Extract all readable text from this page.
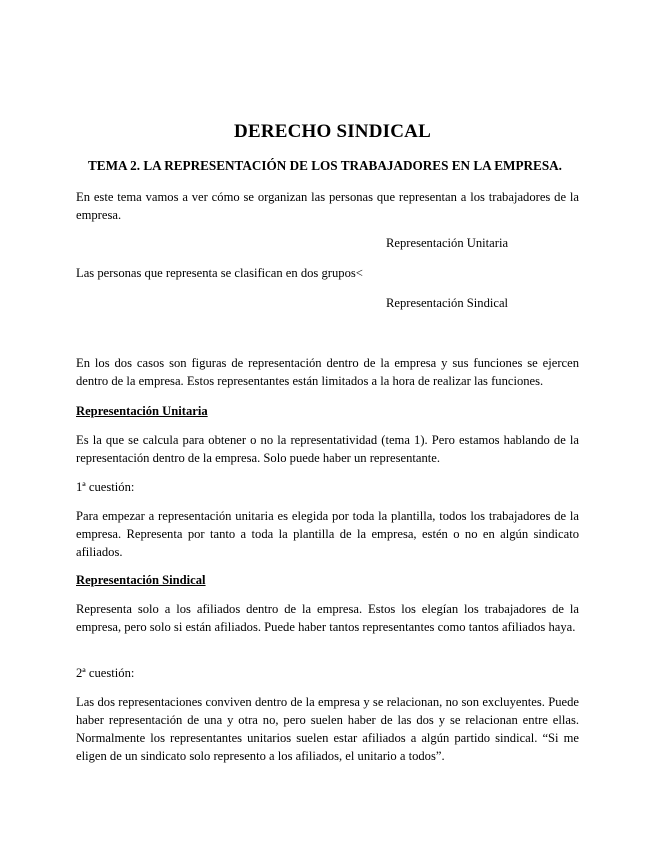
DERECHO SINDICAL
TEMA 2. LA REPRESENTACIÓN DE LOS TRABAJADORES EN LA EMPRESA.

En este tema vamos a ver cómo se organizan las personas que representan a los trabajadores de la empresa.

Representación Unitaria

Las personas que representa se clasifican en dos grupos<

Representación Sindical

En los dos casos son figuras de representación dentro de la empresa y sus funciones se ejercen dentro de la empresa. Estos representantes están limitados a la hora de realizar las funciones.

Representación Unitaria

Es la que se calcula para obtener o no la representatividad (tema 1). Pero estamos hablando de la representación dentro de la empresa. Solo puede haber un representante.

1ª cuestión:

Para empezar a representación unitaria es elegida por toda la plantilla, todos los trabajadores de la empresa. Representa por tanto a toda la plantilla de la empresa, estén o no en algún sindicato afiliados.

Representación Sindical

Representa solo a los afiliados dentro de la empresa. Estos los elegían los trabajadores de la empresa, pero solo si están afiliados. Puede haber tantos representantes como tantos afiliados haya.

2ª cuestión:

Las dos representaciones conviven dentro de la empresa y se relacionan, no son excluyentes. Puede haber representación de una y otra no, pero suelen haber de las dos y se relacionan entre ellas. Normalmente los representantes unitarios suelen estar afiliados a algún partido sindical. “Si me eligen de un sindicato solo represento a los afiliados, el unitario a todos”.
